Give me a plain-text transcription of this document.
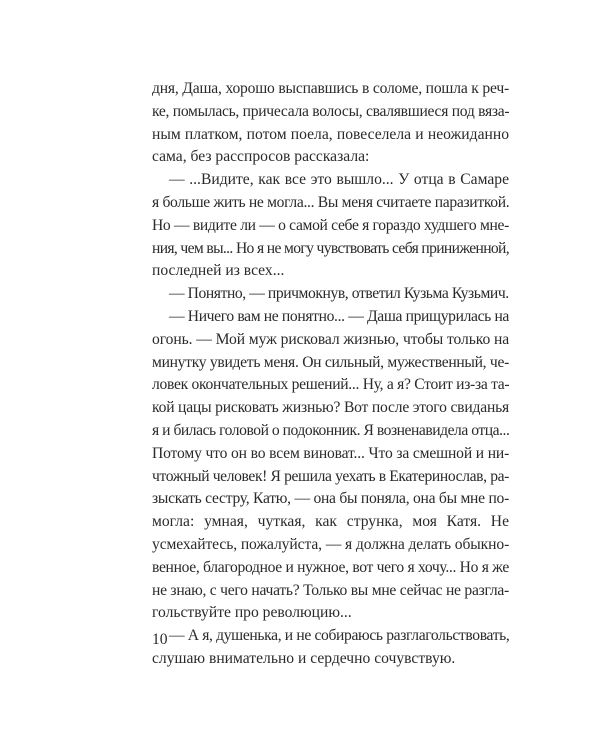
дня, Даша, хорошо выспавшись в соломе, пошла к реч-
ке, помылась, причесала волосы, свалявшиеся под вяза-
ным платком, потом поела, повеселела и неожиданно
сама, без расспросов рассказала:
— ...Видите, как все это вышло... У отца в Самаре
я больше жить не могла... Вы меня считаете паразиткой.
Но — видите ли — о самой себе я гораздо худшего мне-
ния, чем вы... Но я не могу чувствовать себя приниженной,
последней из всех...
— Понятно, — причмокнув, ответил Кузьма Кузьмич.
— Ничего вам не понятно... — Даша прищурилась на
огонь. — Мой муж рисковал жизнью, чтобы только на
минутку увидеть меня. Он сильный, мужественный, че-
ловек окончательных решений... Ну, а я? Стоит из-за та-
кой цацы рисковать жизнью? Вот после этого свиданья
я и билась головой о подоконник. Я возненавидела отца...
Потому что он во всем виноват... Что за смешной и ни-
чтожный человек! Я решила уехать в Екатеринослав, ра-
зыскать сестру, Катю, — она бы поняла, она бы мне по-
могла: умная, чуткая, как струнка, моя Катя. Не
усмехайтесь, пожалуйста, — я должна делать обыкно-
венное, благородное и нужное, вот чего я хочу... Но я же
не знаю, с чего начать? Только вы мне сейчас не разгла-
гольствуйте про революцию...
— А я, душенька, и не собираюсь разглагольствовать,
слушаю внимательно и сердечно сочувствую.
10
